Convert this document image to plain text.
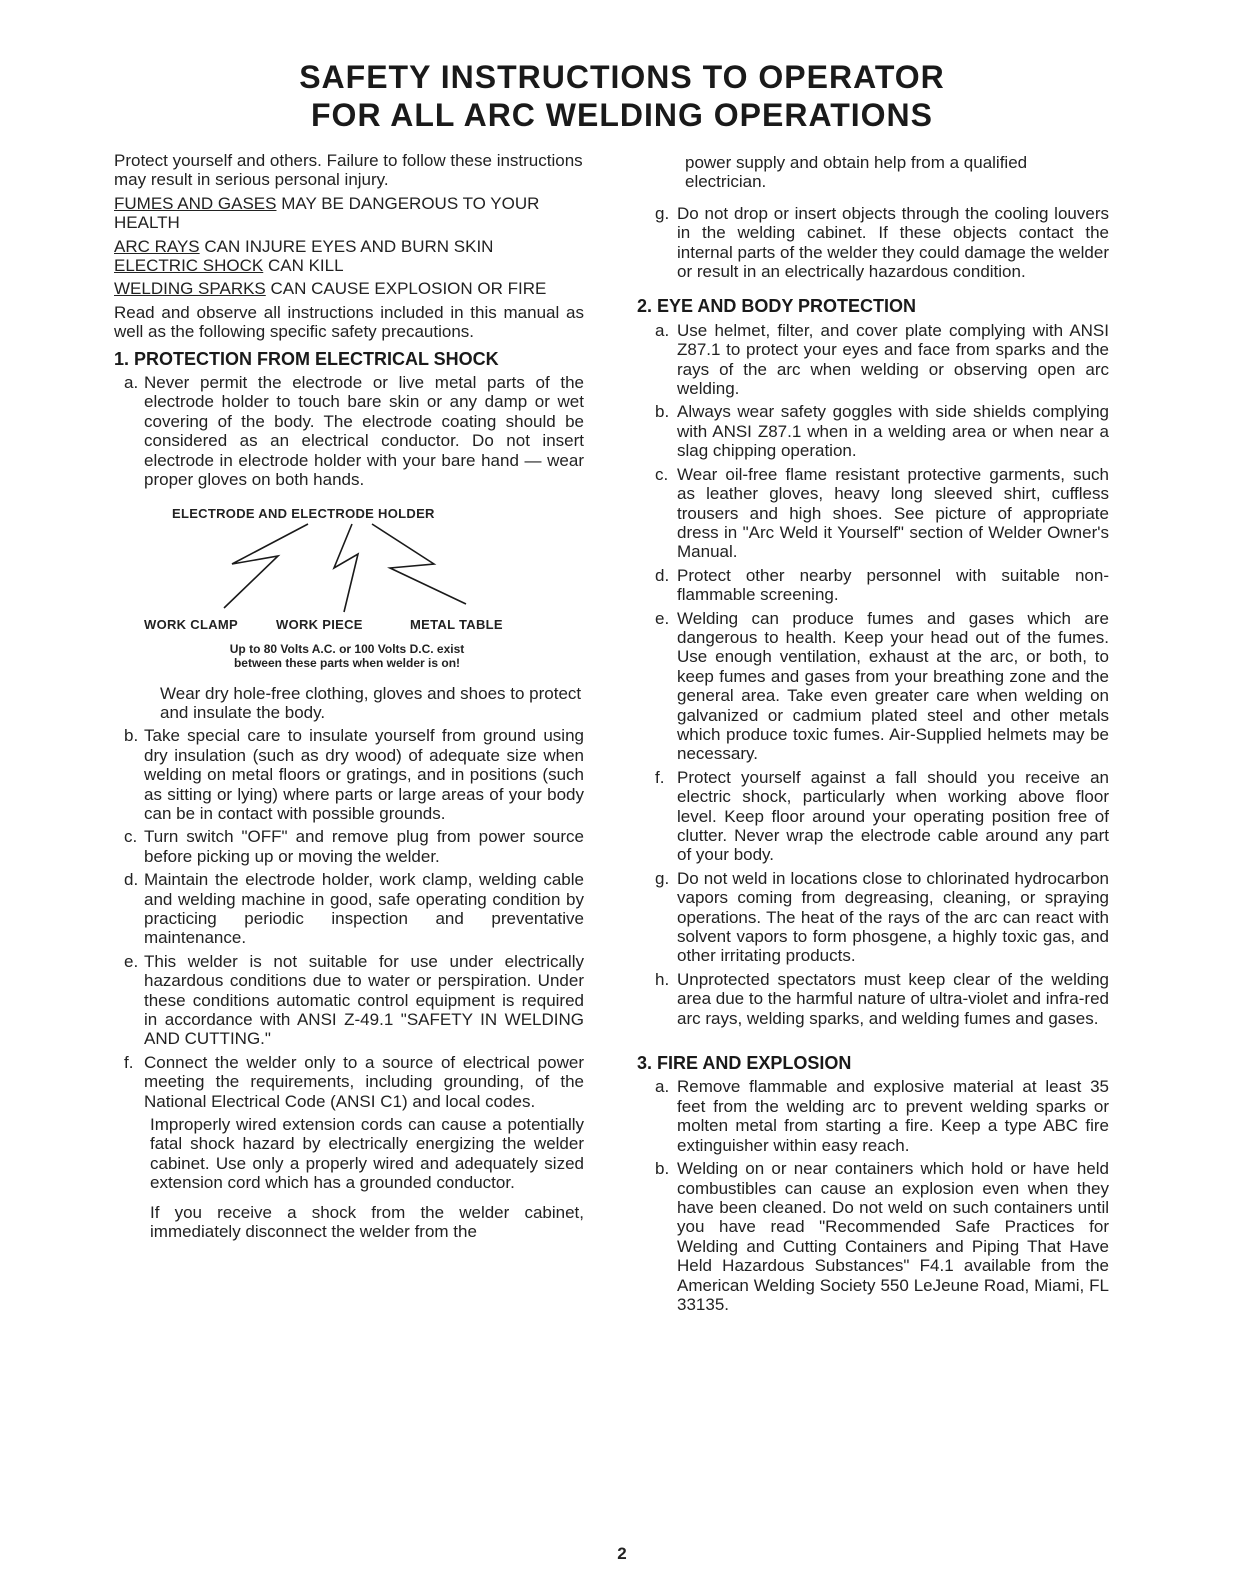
SAFETY INSTRUCTIONS TO OPERATOR
FOR ALL ARC WELDING OPERATIONS

Protect yourself and others. Failure to follow these instructions may result in serious personal injury.

FUMES AND GASES MAY BE DANGEROUS TO YOUR HEALTH

ARC RAYS CAN INJURE EYES AND BURN SKIN

ELECTRIC SHOCK CAN KILL

WELDING SPARKS CAN CAUSE EXPLOSION OR FIRE

Read and observe all instructions included in this manual as well as the following specific safety precautions.

1. PROTECTION FROM ELECTRICAL SHOCK
a. Never permit the electrode or live metal parts of the electrode holder to touch bare skin or any damp or wet covering of the body. The electrode coating should be considered as an electrical conductor. Do not insert electrode in electrode holder with your bare hand — wear proper gloves on both hands.
ELECTRODE AND ELECTRODE HOLDER
WORK CLAMP	WORK PIECE	METAL TABLE
Up to 80 Volts A.C. or 100 Volts D.C. exist
between these parts when welder is on!

Wear dry hole-free clothing, gloves and shoes to protect and insulate the body.

b. Take special care to insulate yourself from ground using dry insulation (such as dry wood) of adequate size when welding on metal floors or gratings, and in positions (such as sitting or lying) where parts or large areas of your body can be in contact with possible grounds.
c. Turn switch "OFF" and remove plug from power source before picking up or moving the welder.
d. Maintain the electrode holder, work clamp, welding cable and welding machine in good, safe operating condition by practicing periodic inspection and preventative maintenance.
e. This welder is not suitable for use under electrically hazardous conditions due to water or perspiration. Under these conditions automatic control equipment is required in accordance with ANSI Z-49.1 "SAFETY IN WELDING AND CUTTING."
f. Connect the welder only to a source of electrical power meeting the requirements, including grounding, of the National Electrical Code (ANSI C1) and local codes.

Improperly wired extension cords can cause a potentially fatal shock hazard by electrically energizing the welder cabinet. Use only a properly wired and adequately sized extension cord which has a grounded conductor.

If you receive a shock from the welder cabinet, immediately disconnect the welder from the

power supply and obtain help from a qualified electrician.

g. Do not drop or insert objects through the cooling louvers in the welding cabinet. If these objects contact the internal parts of the welder they could damage the welder or result in an electrically hazardous condition.
2. EYE AND BODY PROTECTION
a. Use helmet, filter, and cover plate complying with ANSI Z87.1 to protect your eyes and face from sparks and the rays of the arc when welding or observing open arc welding.
b. Always wear safety goggles with side shields complying with ANSI Z87.1 when in a welding area or when near a slag chipping operation.
c. Wear oil-free flame resistant protective garments, such as leather gloves, heavy long sleeved shirt, cuffless trousers and high shoes. See picture of appropriate dress in "Arc Weld it Yourself" section of Welder Owner's Manual.
d. Protect other nearby personnel with suitable non-flammable screening.
e. Welding can produce fumes and gases which are dangerous to health. Keep your head out of the fumes. Use enough ventilation, exhaust at the arc, or both, to keep fumes and gases from your breathing zone and the general area. Take even greater care when welding on galvanized or cadmium plated steel and other metals which produce toxic fumes. Air-Supplied helmets may be necessary.
f. Protect yourself against a fall should you receive an electric shock, particularly when working above floor level. Keep floor around your operating position free of clutter. Never wrap the electrode cable around any part of your body.
g. Do not weld in locations close to chlorinated hydrocarbon vapors coming from degreasing, cleaning, or spraying operations. The heat of the rays of the arc can react with solvent vapors to form phosgene, a highly toxic gas, and other irritating products.
h. Unprotected spectators must keep clear of the welding area due to the harmful nature of ultra-violet and infra-red arc rays, welding sparks, and welding fumes and gases.
3. FIRE AND EXPLOSION
a. Remove flammable and explosive material at least 35 feet from the welding arc to prevent welding sparks or molten metal from starting a fire. Keep a type ABC fire extinguisher within easy reach.
b. Welding on or near containers which hold or have held combustibles can cause an explosion even when they have been cleaned. Do not weld on such containers until you have read "Recommended Safe Practices for Welding and Cutting Containers and Piping That Have Held Hazardous Substances" F4.1 available from the American Welding Society 550 LeJeune Road, Miami, FL 33135.
2
